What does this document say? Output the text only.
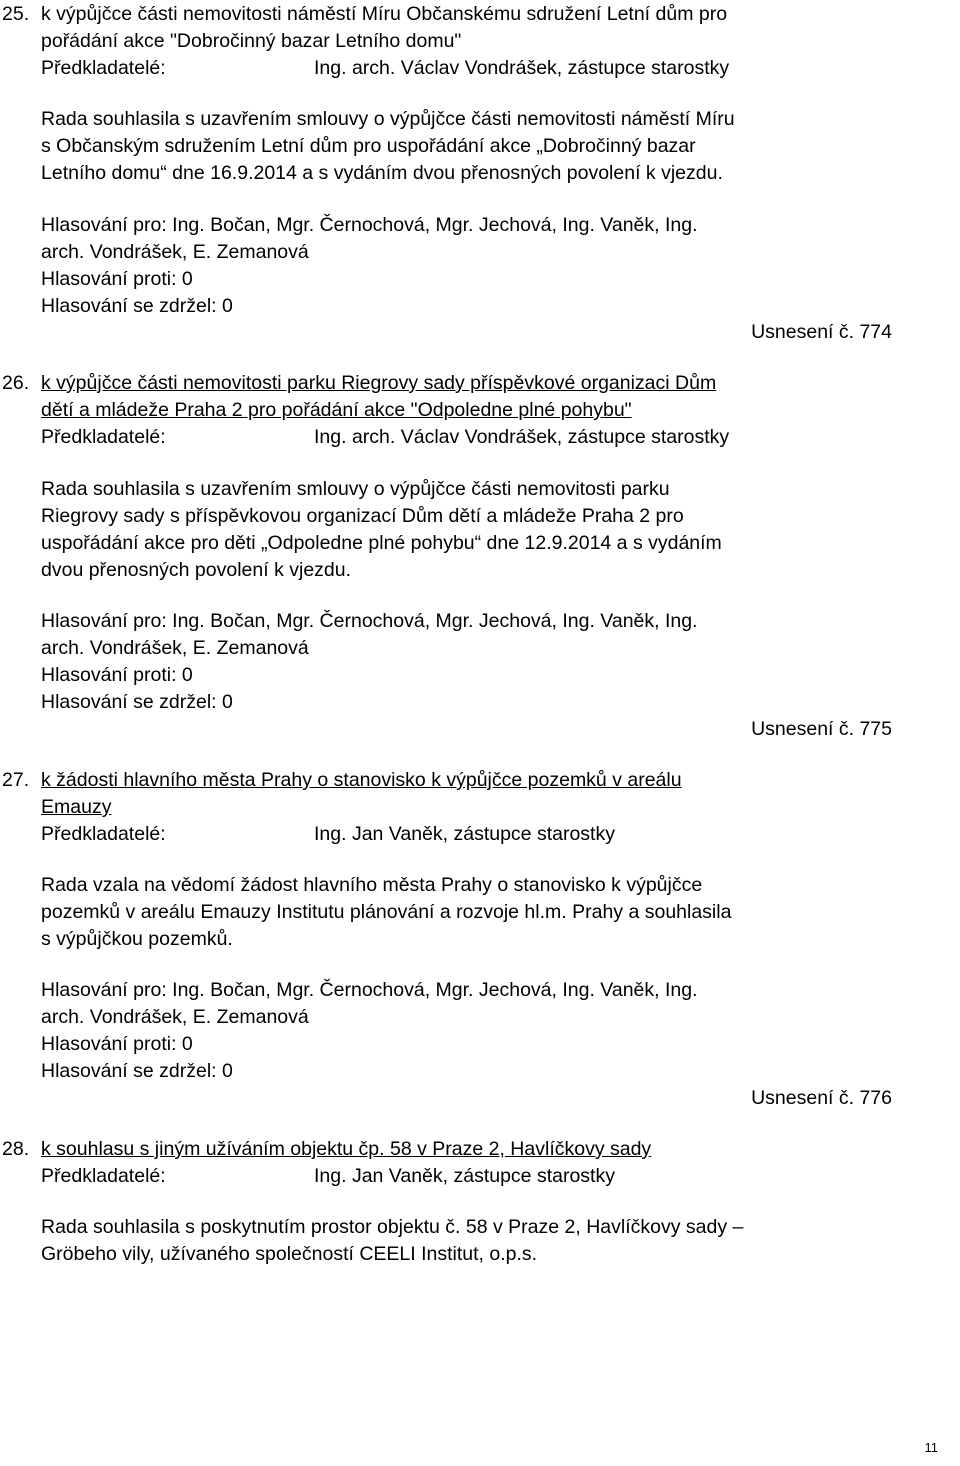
25. k výpůjčce části nemovitosti náměstí Míru Občanskému sdružení Letní dům pro
pořádání akce "Dobročinný bazar Letního domu"
Předkladatelé:	Ing. arch. Václav Vondrášek, zástupce starostky
Rada souhlasila s uzavřením smlouvy o výpůjčce části nemovitosti náměstí Míru
s Občanským sdružením Letní dům pro uspořádání akce „Dobročinný bazar
Letního domu“ dne 16.9.2014 a s vydáním dvou přenosných povolení k vjezdu.
Hlasování pro: Ing. Bočan, Mgr. Černochová, Mgr. Jechová, Ing. Vaněk, Ing.
arch. Vondrášek, E. Zemanová
Hlasování proti: 0
Hlasování se zdržel: 0
Usnesení č. 774
26. k výpůjčce části nemovitosti parku Riegrovy sady příspěvkové organizaci Dům
dětí a mládeže Praha 2 pro pořádání akce "Odpoledne plné pohybu"
Předkladatelé:	Ing. arch. Václav Vondrášek, zástupce starostky
Rada souhlasila s uzavřením smlouvy o výpůjčce části nemovitosti parku
Riegrovy sady s příspěvkovou organizací Dům dětí a mládeže Praha 2 pro
uspořádání akce pro děti „Odpoledne plné pohybu“ dne 12.9.2014 a s vydáním
dvou přenosných povolení k vjezdu.
Hlasování pro: Ing. Bočan, Mgr. Černochová, Mgr. Jechová, Ing. Vaněk, Ing.
arch. Vondrášek, E. Zemanová
Hlasování proti: 0
Hlasování se zdržel: 0
Usnesení č. 775
27. k žádosti hlavního města Prahy o stanovisko k výpůjčce pozemků v areálu
Emauzy
Předkladatelé:	Ing. Jan Vaněk, zástupce starostky
Rada vzala na vědomí žádost hlavního města Prahy o stanovisko k výpůjčce
pozemků v areálu Emauzy Institutu plánování a rozvoje hl.m. Prahy a souhlasila
s výpůjčkou pozemků.
Hlasování pro: Ing. Bočan, Mgr. Černochová, Mgr. Jechová, Ing. Vaněk, Ing.
arch. Vondrášek, E. Zemanová
Hlasování proti: 0
Hlasování se zdržel: 0
Usnesení č. 776
28. k souhlasu s jiným užíváním objektu čp. 58 v Praze 2, Havlíčkovy sady
Předkladatelé:	Ing. Jan Vaněk, zástupce starostky
Rada souhlasila s poskytnutím prostor objektu č. 58 v Praze 2, Havlíčkovy sady –
Gröbeho vily, užívaného společností CEELI Institut, o.p.s.
11
